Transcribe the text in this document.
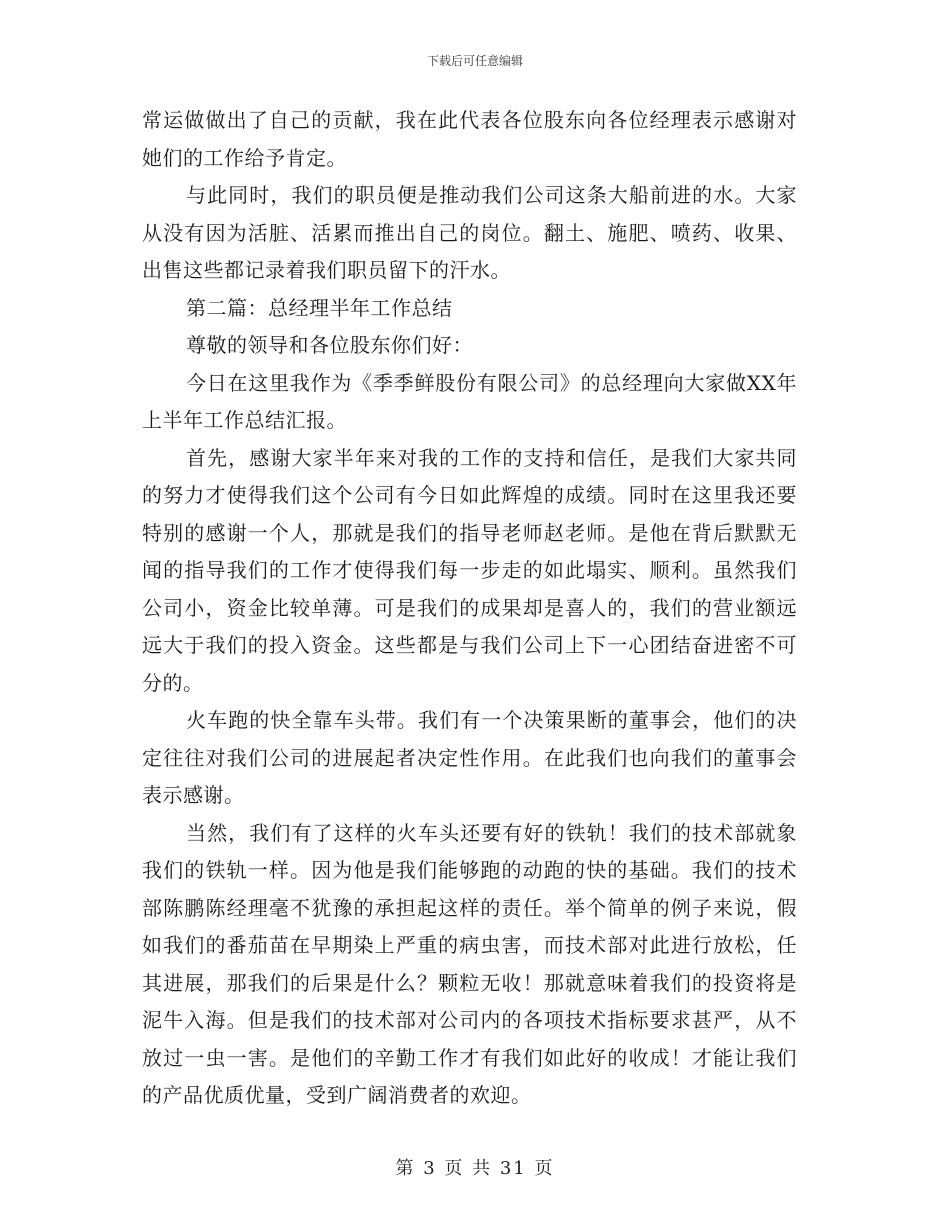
下载后可任意编辑

常运做做出了自己的贡献，我在此代表各位股东向各位经理表示感谢对她们的工作给予肯定。

与此同时，我们的职员便是推动我们公司这条大船前进的水。大家从没有因为活脏、活累而推出自己的岗位。翻土、施肥、喷药、收果、出售这些都记录着我们职员留下的汗水。

第二篇：总经理半年工作总结

尊敬的领导和各位股东你们好：

今日在这里我作为《季季鲜股份有限公司》的总经理向大家做XX年上半年工作总结汇报。

首先，感谢大家半年来对我的工作的支持和信任，是我们大家共同的努力才使得我们这个公司有今日如此辉煌的成绩。同时在这里我还要特别的感谢一个人，那就是我们的指导老师赵老师。是他在背后默默无闻的指导我们的工作才使得我们每一步走的如此塌实、顺利。虽然我们公司小，资金比较单薄。可是我们的成果却是喜人的，我们的营业额远远大于我们的投入资金。这些都是与我们公司上下一心团结奋进密不可分的。

火车跑的快全靠车头带。我们有一个决策果断的董事会，他们的决定往往对我们公司的进展起者决定性作用。在此我们也向我们的董事会表示感谢。

当然，我们有了这样的火车头还要有好的铁轨！我们的技术部就象我们的铁轨一样。因为他是我们能够跑的动跑的快的基础。我们的技术部陈鹏陈经理毫不犹豫的承担起这样的责任。举个简单的例子来说，假如我们的番茄苗在早期染上严重的病虫害，而技术部对此进行放松，任其进展，那我们的后果是什么？颗粒无收！那就意味着我们的投资将是泥牛入海。但是我们的技术部对公司内的各项技术指标要求甚严，从不放过一虫一害。是他们的辛勤工作才有我们如此好的收成！才能让我们的产品优质优量，受到广阔消费者的欢迎。

第 3 页 共 31 页
